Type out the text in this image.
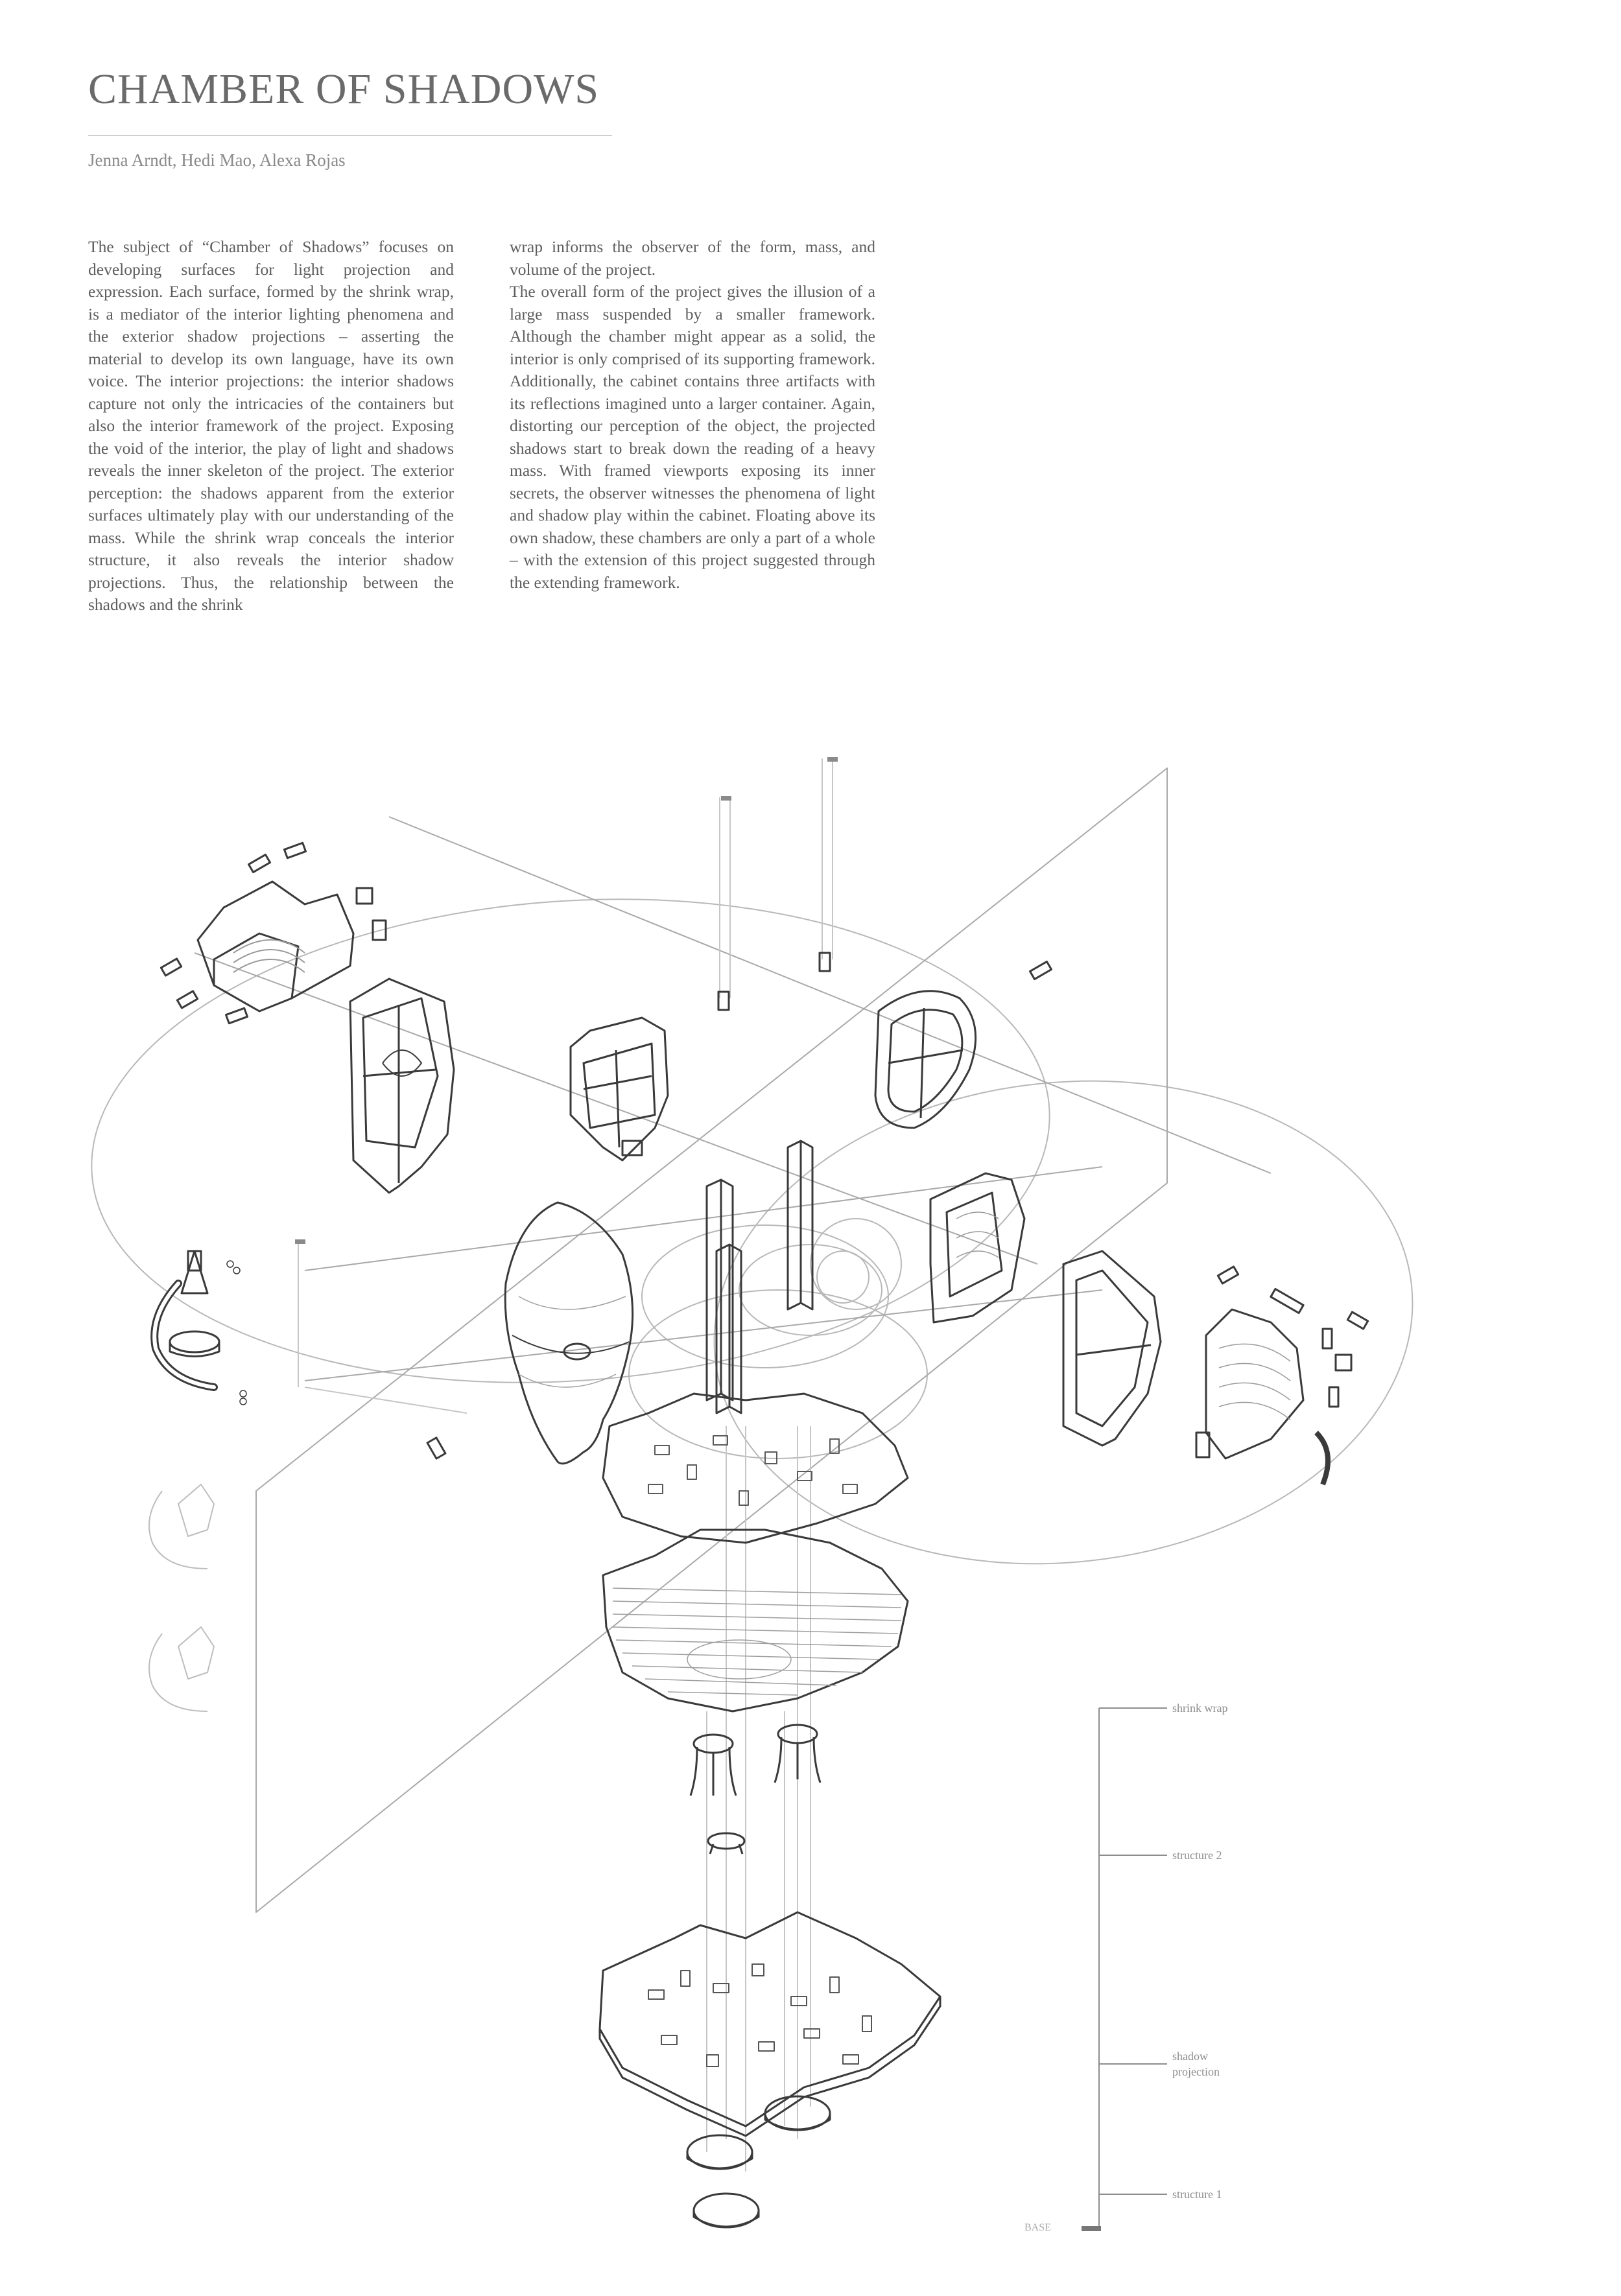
CHAMBER OF SHADOWS
Jenna Arndt, Hedi Mao, Alexa Rojas

The subject of “Chamber of Shadows” focuses on developing surfaces for light projection and expression. Each surface, formed by the shrink wrap, is a mediator of the interior lighting phenomena and the exterior shadow projections – asserting the material to develop its own language, have its own voice. The interior projections: the interior shadows capture not only the intricacies of the containers but also the interior framework of the project. Exposing the void of the interior, the play of light and shadows reveals the inner skeleton of the project. The exterior perception: the shadows apparent from the exterior surfaces ultimately play with our understanding of the mass. While the shrink wrap conceals the interior structure, it also reveals the interior shadow projections. Thus, the relationship between the shadows and the shrink

wrap informs the observer of the form, mass, and volume of the project.

The overall form of the project gives the illusion of a large mass suspended by a smaller framework. Although the chamber might appear as a solid, the interior is only comprised of its supporting framework. Additionally, the cabinet contains three artifacts with its reflections imagined unto a larger container. Again, distorting our perception of the object, the projected shadows start to break down the reading of a heavy mass. With framed viewports exposing its inner secrets, the observer witnesses the phenomena of light and shadow play within the cabinet. Floating above its own shadow, these chambers are only a part of a whole – with the extension of this project suggested through the extending framework.

shrink wrap
structure 2
shadow projection
structure 1
BASE
